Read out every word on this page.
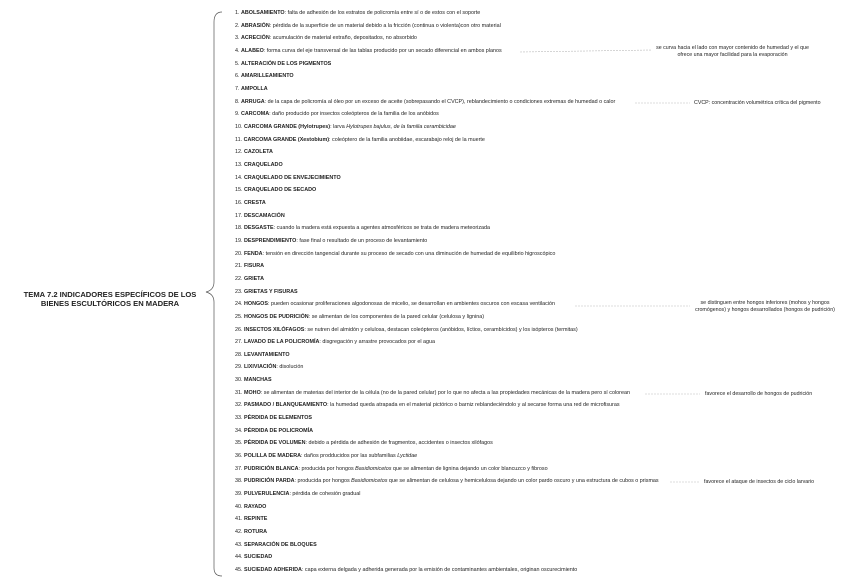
TEMA 7.2 INDICADORES ESPECÍFICOS DE LOS BIENES ESCULTÓRICOS EN MADERA
1. ABOLSAMIENTO: falta de adhesión de los estratos de policromía entre sí o de estos con el soporte
2. ABRASIÓN: pérdida de la superficie de un material debido a la fricción (continua o violenta)con otro material
3. ACRECIÓN: acumulación de material extraño, depositados, no absorbido
4. ALABEO: forma curva del eje transversal de las tablas producido por un secado diferencial en ambos planos
5. ALTERACIÓN DE LOS PIGMENTOS
6. AMARILLEAMIENTO
7. AMPOLLA
8. ARRUGA: de la capa de policromía al óleo por un exceso de aceite (sobrepasando el CVCP), reblandecimiento o condiciones extremas de humedad o calor
9. CARCOMA: daño producido por insectos coleópteros de la familia de los anóbidos
10. CARCOMA GRANDE (Hylotrupes): larva Hylotrupes bajulus, de la familia cerambicidae
11. CARCOMA GRANDE (Xestobium): coleóptero de la familia anobiidae, escarabajo reloj de la muerte
12. CAZOLETA
13. CRAQUELADO
14. CRAQUELADO DE ENVEJECIMIENTO
15. CRAQUELADO DE SECADO
16. CRESTA
17. DESCAMACIÓN
18. DESGASTE: cuando la madera está expuesta a agentes atmosféricos se trata de madera meteorizada
19. DESPRENDIMIENTO: fase final o resultado de un proceso de levantamiento
20. FENDA: tensión en dirección tangencial durante su proceso de secado con una diminución de humedad de equilibrio higroscópico
21. FISURA
22. GRIETA
23. GRIETAS Y FISURAS
24. HONGOS: pueden ocasionar proliferaciones algodonosas de micelio, se desarrollan en ambientes oscuros con escasa ventilación
25. HONGOS DE PUDRICIÓN: se alimentan de los componentes de la pared celular (celulosa y lignina)
26. INSECTOS XILÓFAGOS: se nutren del almidón y celulosa, destacan coleópteros (anóbidos, líctios, cerambícidos) y los isópteros (termitas)
27. LAVADO DE LA POLICROMÍA: disgregación y arrastre provocados por el agua
28. LEVANTAMIENTO
29. LIXIVIACIÓN: disolución
30. MANCHAS
31. MOHO: se alimentan de materias del interior de la célula (no de la pared celular) por lo que no afecta a las propiedades mecánicas de la madera pero sí colorean
32. PASMADO / BLANQUEAMIENTO: la humedad queda atrapada en el material pictórico o barniz reblandeciéndolo y al secarse forma una red de microfisuras
33. PÉRDIDA DE ELEMENTOS
34. PÉRDIDA DE POLICROMÍA
35. PÉRDIDA DE VOLUMEN: debido a pérdida de adhesión de fragmentos, accidentes o insectos xilófagos
36. POLILLA DE MADERA: daños prodducidos por las subfamilias Lyctidae
37. PUDRICIÓN BLANCA: producida por hongos Basidiomicetos que se alimentan de lignina dejando un color blancuzco y fibroso
38. PUDRICIÓN PARDA: producida por hongos Basidiomicetos que se alimentan de celulosa y hemicelulosa dejando un color pardo oscuro y una estructura de cubos o prismas
39. PULVERULENCIA: pérdida de cohesión gradual
40. RAYADO
41. REPINTE
42. ROTURA
43. SEPARACIÓN DE BLOQUES
44. SUCIEDAD
45. SUCIEDAD ADHERIDA: capa externa delgada y adherida generada por la emisión de contaminantes ambientales, originan oscurecimiento
se curva hacia el lado con mayor contenido de humedad y el que ofrece una mayor facilidad para la evaporación
CVCP: concentración volumétrica crítica del pigmento
se distinguen entre hongos inferiores (mohos y hongos cromógenos) y hongos desarrollados (hongos de pudrición)
favorece el desarrollo de hongos de pudrición
favorece el ataque de insectos de ciclo larvario
